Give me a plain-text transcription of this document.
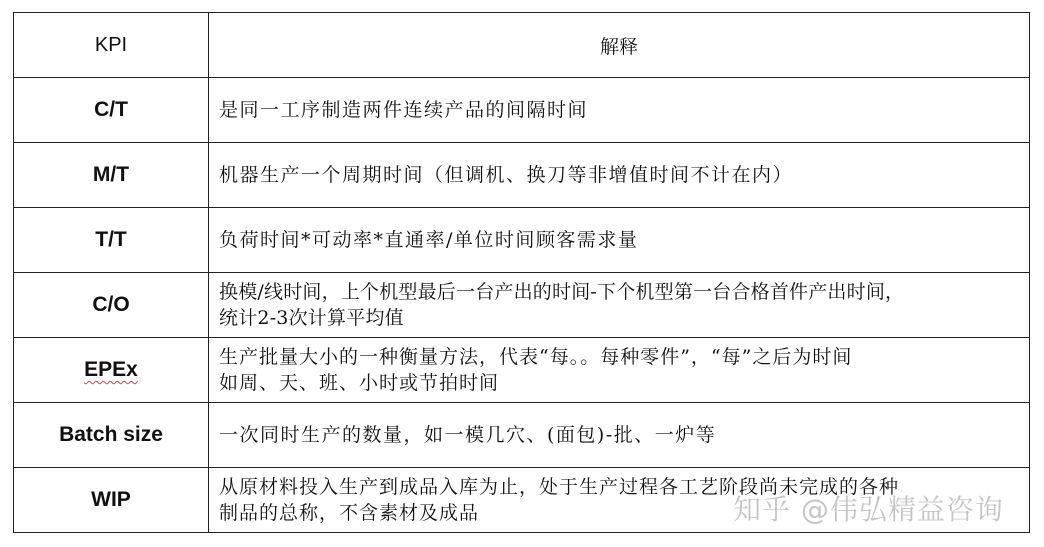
KPI	解释
C/T	是同一工序制造两件连续产品的间隔时间

M/T	机器生产一个周期时间（但调机、换刀等非增值时间不计在内）

T/T	负荷时间*可动率*直通率/单位时间顾客需求量

C/O	换模/线时间，上个机型最后一台产出的时间-下个机型第一台合格首件产出时间，
统计2-3次计算平均值

EPEx	生产批量大小的一种衡量方法，代表“每。。每种零件”，“每”之后为时间
如周、天、班、小时或节拍时间

Batch size	一次同时生产的数量，如一模几穴、(面包)-批、一炉等

WIP	从原材料投入生产到成品入库为止，处于生产过程各工艺阶段尚未完成的各种
制品的总称，不含素材及成品	知乎 @伟弘精益咨询
